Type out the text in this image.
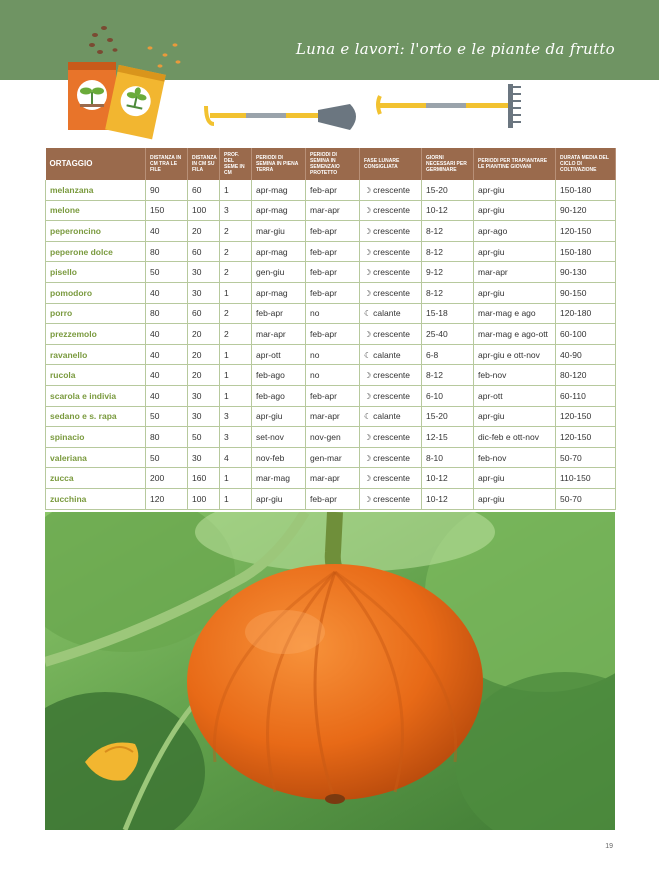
Luna e lavori: l'orto e le piante da frutto
ORTAGGIO	DISTANZA IN CM TRA LE FILE	DISTANZA IN CM SU FILA	PROF. DEL SEME IN CM	PERIODI DI SEMINA IN PIENA TERRA	PERIODI DI SEMINA IN SEMENZAIO PROTETTO	FASE LUNARE CONSIGLIATA	GIORNI NECESSARI PER GERMINARE	PERIODI PER TRAPIANTARE LE PIANTINE GIOVANI	DURATA MEDIA DEL CICLO DI COLTIVAZIONE
melanzana	90	60	1	apr-mag	feb-apr	☽ crescente	15-20	apr-giu	150-180
melone	150	100	3	apr-mag	mar-apr	☽ crescente	10-12	apr-giu	90-120
peperoncino	40	20	2	mar-giu	feb-apr	☽ crescente	8-12	apr-ago	120-150
peperone dolce	80	60	2	apr-mag	feb-apr	☽ crescente	8-12	apr-giu	150-180
pisello	50	30	2	gen-giu	feb-apr	☽ crescente	9-12	mar-apr	90-130
pomodoro	40	30	1	apr-mag	feb-apr	☽ crescente	8-12	apr-giu	90-150
porro	80	60	2	feb-apr	no	☾ calante	15-18	mar-mag e ago	120-180
prezzemolo	40	20	2	mar-apr	feb-apr	☽ crescente	25-40	mar-mag e ago-ott	60-100
ravanello	40	20	1	apr-ott	no	☾ calante	6-8	apr-giu e ott-nov	40-90
rucola	40	20	1	feb-ago	no	☽ crescente	8-12	feb-nov	80-120
scarola e indivia	40	30	1	feb-ago	feb-apr	☽ crescente	6-10	apr-ott	60-110
sedano e s. rapa	50	30	3	apr-giu	mar-apr	☾ calante	15-20	apr-giu	120-150
spinacio	80	50	3	set-nov	nov-gen	☽ crescente	12-15	dic-feb e ott-nov	120-150
valeriana	50	30	4	nov-feb	gen-mar	☽ crescente	8-10	feb-nov	50-70
zucca	200	160	1	mar-mag	mar-apr	☽ crescente	10-12	apr-giu	110-150
zucchina	120	100	1	apr-giu	feb-apr	☽ crescente	10-12	apr-giu	50-70
19
